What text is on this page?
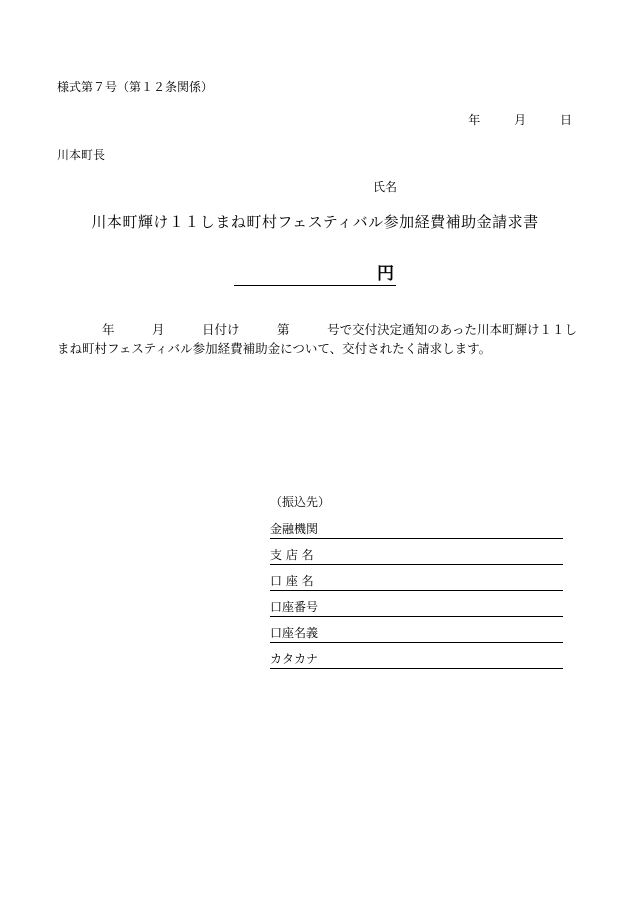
様式第７号（第１２条関係）
年	月	日
川本町長
氏名
川本町輝け１１しまね町村フェスティバル参加経費補助金請求書
円
年	月	日付け	第	号で交付決定通知のあった川本町輝け１１し
まね町村フェスティバル参加経費補助金について、交付されたく請求します。
（振込先）
金融機関
支 店 名
口 座 名
口座番号
口座名義
カタカナ
